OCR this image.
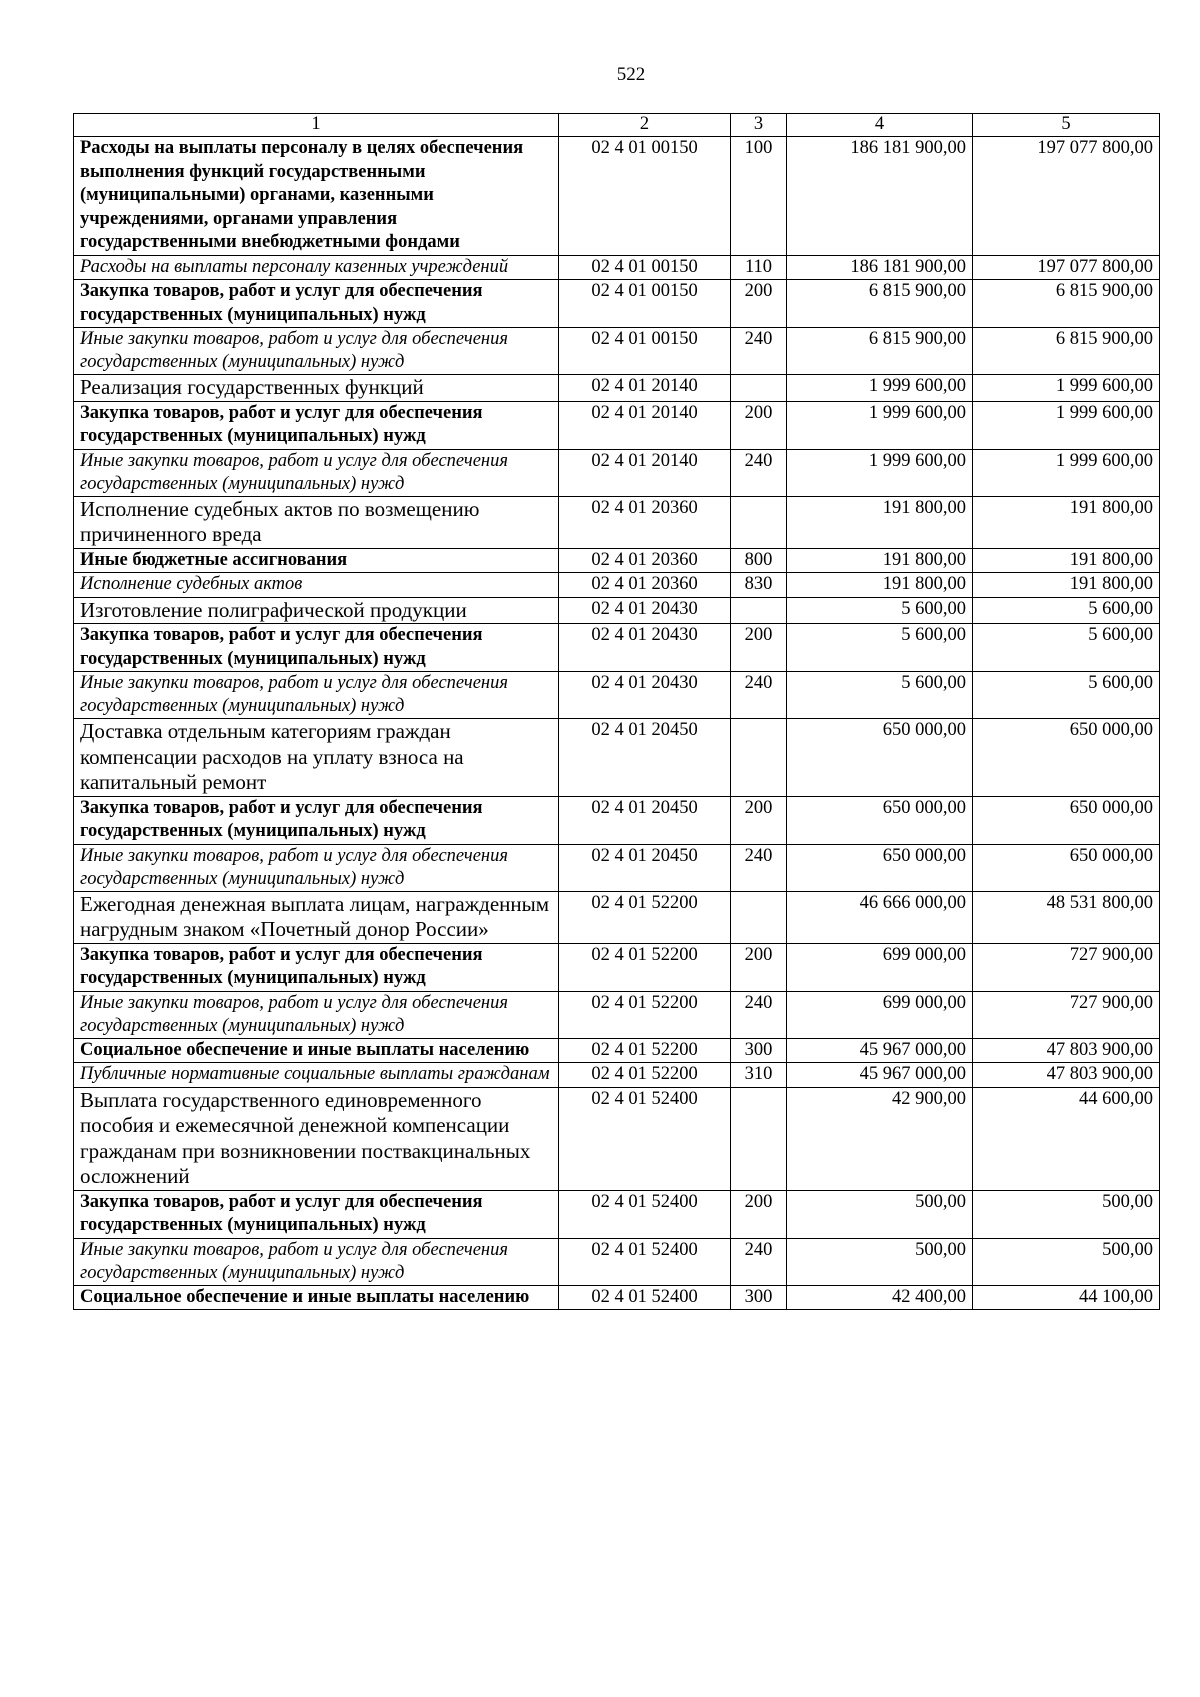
522
1	2	3	4	5
Расходы на выплаты персоналу в целях обеспечения выполнения функций государственными (муниципальными) органами, казенными учреждениями, органами управления государственными внебюджетными фондами	02 4 01 00150	100	186 181 900,00	197 077 800,00
Расходы на выплаты персоналу казенных учреждений	02 4 01 00150	110	186 181 900,00	197 077 800,00
Закупка товаров, работ и услуг для обеспечения государственных (муниципальных) нужд	02 4 01 00150	200	6 815 900,00	6 815 900,00
Иные закупки товаров, работ и услуг для обеспечения государственных (муниципальных) нужд	02 4 01 00150	240	6 815 900,00	6 815 900,00
Реализация государственных функций	02 4 01 20140		1 999 600,00	1 999 600,00
Закупка товаров, работ и услуг для обеспечения государственных (муниципальных) нужд	02 4 01 20140	200	1 999 600,00	1 999 600,00
Иные закупки товаров, работ и услуг для обеспечения государственных (муниципальных) нужд	02 4 01 20140	240	1 999 600,00	1 999 600,00
Исполнение судебных актов по возмещению причиненного вреда	02 4 01 20360		191 800,00	191 800,00
Иные бюджетные ассигнования	02 4 01 20360	800	191 800,00	191 800,00
Исполнение судебных актов	02 4 01 20360	830	191 800,00	191 800,00
Изготовление полиграфической продукции	02 4 01 20430		5 600,00	5 600,00
Закупка товаров, работ и услуг для обеспечения государственных (муниципальных) нужд	02 4 01 20430	200	5 600,00	5 600,00
Иные закупки товаров, работ и услуг для обеспечения государственных (муниципальных) нужд	02 4 01 20430	240	5 600,00	5 600,00
Доставка отдельным категориям граждан компенсации расходов на уплату взноса на капитальный ремонт	02 4 01 20450		650 000,00	650 000,00
Закупка товаров, работ и услуг для обеспечения государственных (муниципальных) нужд	02 4 01 20450	200	650 000,00	650 000,00
Иные закупки товаров, работ и услуг для обеспечения государственных (муниципальных) нужд	02 4 01 20450	240	650 000,00	650 000,00
Ежегодная денежная выплата лицам, награжденным нагрудным знаком «Почетный донор России»	02 4 01 52200		46 666 000,00	48 531 800,00
Закупка товаров, работ и услуг для обеспечения государственных (муниципальных) нужд	02 4 01 52200	200	699 000,00	727 900,00
Иные закупки товаров, работ и услуг для обеспечения государственных (муниципальных) нужд	02 4 01 52200	240	699 000,00	727 900,00
Социальное обеспечение и иные выплаты населению	02 4 01 52200	300	45 967 000,00	47 803 900,00
Публичные нормативные социальные выплаты гражданам	02 4 01 52200	310	45 967 000,00	47 803 900,00
Выплата государственного единовременного пособия и ежемесячной денежной компенсации гражданам при возникновении поствакцинальных осложнений	02 4 01 52400		42 900,00	44 600,00
Закупка товаров, работ и услуг для обеспечения государственных (муниципальных) нужд	02 4 01 52400	200	500,00	500,00
Иные закупки товаров, работ и услуг для обеспечения государственных (муниципальных) нужд	02 4 01 52400	240	500,00	500,00
Социальное обеспечение и иные выплаты населению	02 4 01 52400	300	42 400,00	44 100,00
